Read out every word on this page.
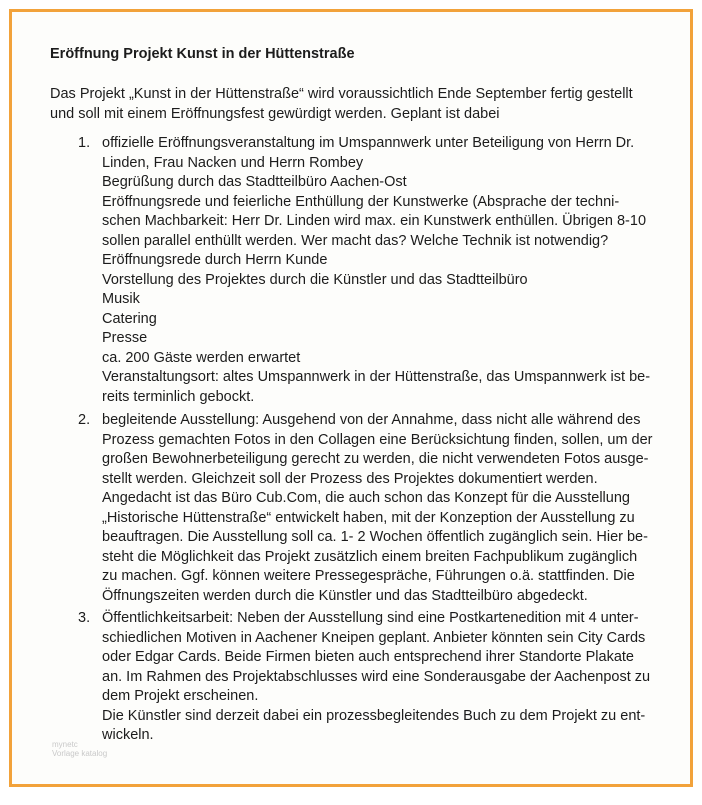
Eröffnung Projekt Kunst in der Hüttenstraße
Das Projekt „Kunst in der Hüttenstraße“ wird voraussichtlich Ende September fertig gestellt
und soll mit einem Eröffnungsfest gewürdigt werden. Geplant ist dabei
1. offizielle Eröffnungsveranstaltung im Umspannwerk unter Beteiligung von Herrn Dr.
Linden, Frau Nacken und Herrn Rombey
Begrüßung durch das Stadtteilbüro Aachen-Ost
Eröffnungsrede und feierliche Enthüllung der Kunstwerke (Absprache der techni-
schen Machbarkeit: Herr Dr. Linden wird max. ein Kunstwerk enthüllen. Übrigen 8-10
sollen parallel enthüllt werden. Wer macht das? Welche Technik ist notwendig?
Eröffnungsrede durch Herrn Kunde
Vorstellung des Projektes durch die Künstler und das Stadtteilbüro
Musik
Catering
Presse
ca. 200 Gäste werden erwartet
Veranstaltungsort: altes Umspannwerk in der Hüttenstraße, das Umspannwerk ist be-
reits terminlich gebockt.
2. begleitende Ausstellung: Ausgehend von der Annahme, dass nicht alle während des
Prozess gemachten Fotos in den Collagen eine Berücksichtung finden, sollen, um der
großen Bewohnerbeteiligung gerecht zu werden, die nicht verwendeten Fotos ausge-
stellt werden. Gleichzeit soll der Prozess des Projektes dokumentiert werden.
Angedacht ist das Büro Cub.Com, die auch schon das Konzept für die Ausstellung
„Historische Hüttenstraße“ entwickelt haben, mit der Konzeption der Ausstellung zu
beauftragen. Die Ausstellung soll ca. 1- 2 Wochen öffentlich zugänglich sein. Hier be-
steht die Möglichkeit das Projekt zusätzlich einem breiten Fachpublikum zugänglich
zu machen. Ggf. können weitere Pressegespräche, Führungen o.ä. stattfinden. Die
Öffnungszeiten werden durch die Künstler und das Stadtteilbüro abgedeckt.
3. Öffentlichkeitsarbeit: Neben der Ausstellung sind eine Postkartenedition mit 4 unter-
schiedlichen Motiven in Aachener Kneipen geplant. Anbieter könnten sein City Cards
oder Edgar Cards. Beide Firmen bieten auch entsprechend ihrer Standorte Plakate
an. Im Rahmen des Projektabschlusses wird eine Sonderausgabe der Aachenpost zu
dem Projekt erscheinen.
Die Künstler sind derzeit dabei ein prozessbegleitendes Buch zu dem Projekt zu ent-
wickeln.
mynetc
Vorlage katalog
